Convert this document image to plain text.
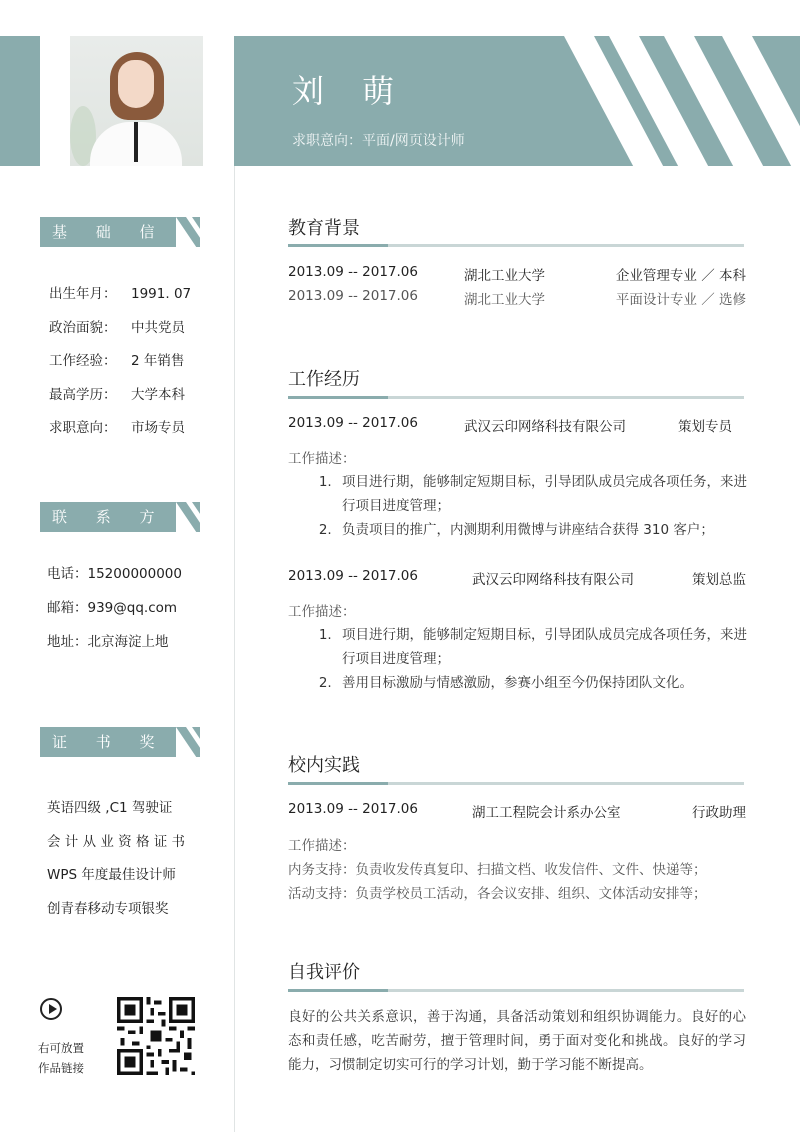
刘 萌
求职意向：平面/网页设计师
基 础 信 息
出生年月： 1991. 07
政治面貌： 中共党员
工作经验： 2 年销售
最高学历： 大学本科
求职意向： 市场专员
联 系 方 式
电话：15200000000
邮箱：939@qq.com
地址：北京海淀上地
证 书 奖 励
英语四级 ,C1 驾驶证
会 计 从 业 资 格 证 书
WPS 年度最佳设计师
创青春移动专项银奖
右可放置
作品链接
教育背景
2013.09 -- 2017.06	湖北工业大学	企业管理专业 ／ 本科
2013.09 -- 2017.06	湖北工业大学	平面设计专业 ／ 选修
工作经历
2013.09 -- 2017.06	武汉云印网络科技有限公司	策划专员
工作描述：
1. 项目进行期，能够制定短期目标，引导团队成员完成各项任务，来进行项目进度管理；
2. 负责项目的推广，内测期利用微博与讲座结合获得 310 客户；
2013.09 -- 2017.06	武汉云印网络科技有限公司	策划总监
工作描述：
1. 项目进行期，能够制定短期目标，引导团队成员完成各项任务，来进行项目进度管理；
2. 善用目标激励与情感激励，参赛小组至今仍保持团队文化。
校内实践
2013.09 -- 2017.06	湖工工程院会计系办公室	行政助理
工作描述：
内务支持：负责收发传真复印、扫描文档、收发信件、文件、快递等；
活动支持：负责学校员工活动，各会议安排、组织、文体活动安排等；
自我评价
良好的公共关系意识，善于沟通，具备活动策划和组织协调能力。良好的心态和责任感，吃苦耐劳，擅于管理时间，勇于面对变化和挑战。良好的学习能力，习惯制定切实可行的学习计划，勤于学习能不断提高。
